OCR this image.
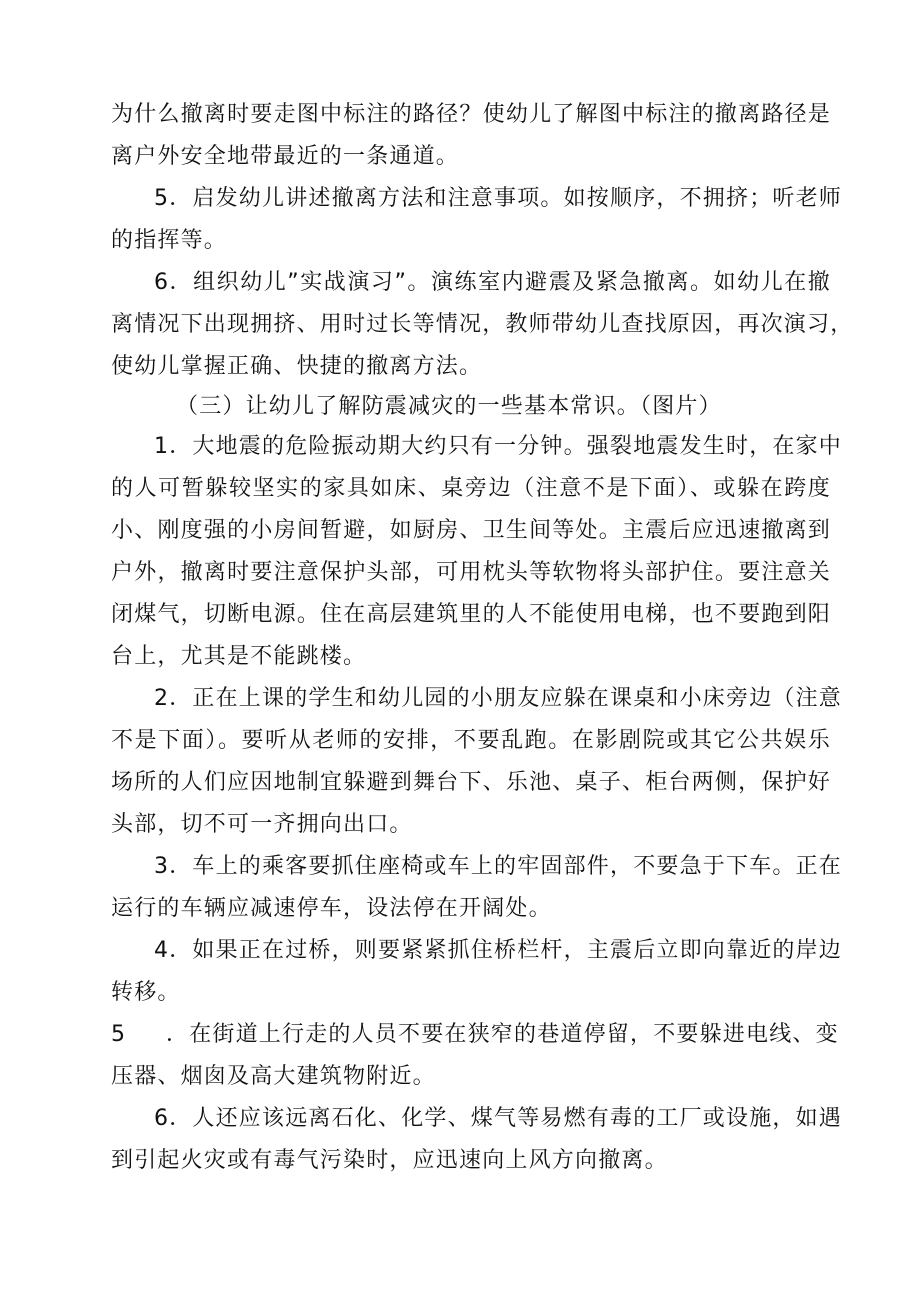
为什么撤离时要走图中标注的路径？使幼儿了解图中标注的撤离路径是
离户外安全地带最近的一条通道。
5．启发幼儿讲述撤离方法和注意事项。如按顺序，不拥挤；听老师
的指挥等。
6．组织幼儿”实战演习”。演练室内避震及紧急撤离。如幼儿在撤
离情况下出现拥挤、用时过长等情况，教师带幼儿查找原因，再次演习，
使幼儿掌握正确、快捷的撤离方法。
（三）让幼儿了解防震减灾的一些基本常识。（图片）
1．大地震的危险振动期大约只有一分钟。强裂地震发生时，在家中
的人可暂躲较坚实的家具如床、桌旁边（注意不是下面）、或躲在跨度
小、刚度强的小房间暂避，如厨房、卫生间等处。主震后应迅速撤离到
户外，撤离时要注意保护头部，可用枕头等软物将头部护住。要注意关
闭煤气，切断电源。住在高层建筑里的人不能使用电梯，也不要跑到阳
台上，尤其是不能跳楼。
2．正在上课的学生和幼儿园的小朋友应躲在课桌和小床旁边（注意
不是下面）。要听从老师的安排，不要乱跑。在影剧院或其它公共娱乐
场所的人们应因地制宜躲避到舞台下、乐池、桌子、柜台两侧，保护好
头部，切不可一齐拥向出口。
3．车上的乘客要抓住座椅或车上的牢固部件，不要急于下车。正在
运行的车辆应减速停车，设法停在开阔处。
4．如果正在过桥，则要紧紧抓住桥栏杆，主震后立即向靠近的岸边
转移。
5	．在街道上行走的人员不要在狭窄的巷道停留，不要躲进电线、变
压器、烟囱及高大建筑物附近。
6．人还应该远离石化、化学、煤气等易燃有毒的工厂或设施，如遇
到引起火灾或有毒气污染时，应迅速向上风方向撤离。
